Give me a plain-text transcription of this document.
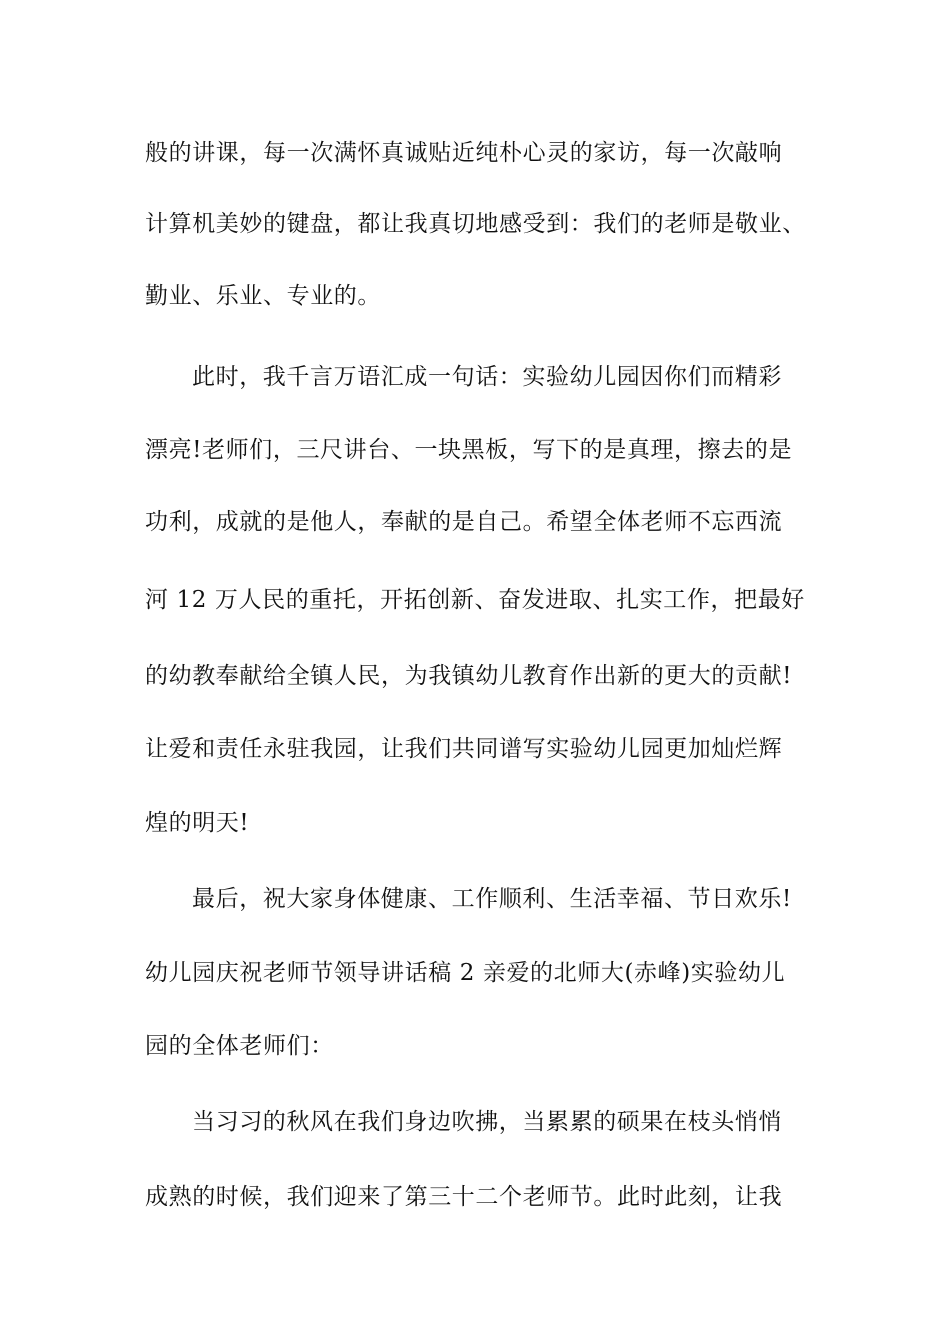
般的讲课，每一次满怀真诚贴近纯朴心灵的家访，每一次敲响
计算机美妙的键盘，都让我真切地感受到：我们的老师是敬业、
勤业、乐业、专业的。
此时，我千言万语汇成一句话：实验幼儿园因你们而精彩
漂亮!老师们，三尺讲台、一块黑板，写下的是真理，擦去的是
功利，成就的是他人，奉献的是自己。希望全体老师不忘西流
河 12 万人民的重托，开拓创新、奋发进取、扎实工作，把最好
的幼教奉献给全镇人民，为我镇幼儿教育作出新的更大的贡献!
让爱和责任永驻我园，让我们共同谱写实验幼儿园更加灿烂辉
煌的明天!
最后，祝大家身体健康、工作顺利、生活幸福、节日欢乐!
幼儿园庆祝老师节领导讲话稿 2 亲爱的北师大(赤峰)实验幼儿
园的全体老师们：
当习习的秋风在我们身边吹拂，当累累的硕果在枝头悄悄
成熟的时候，我们迎来了第三十二个老师节。此时此刻，让我
